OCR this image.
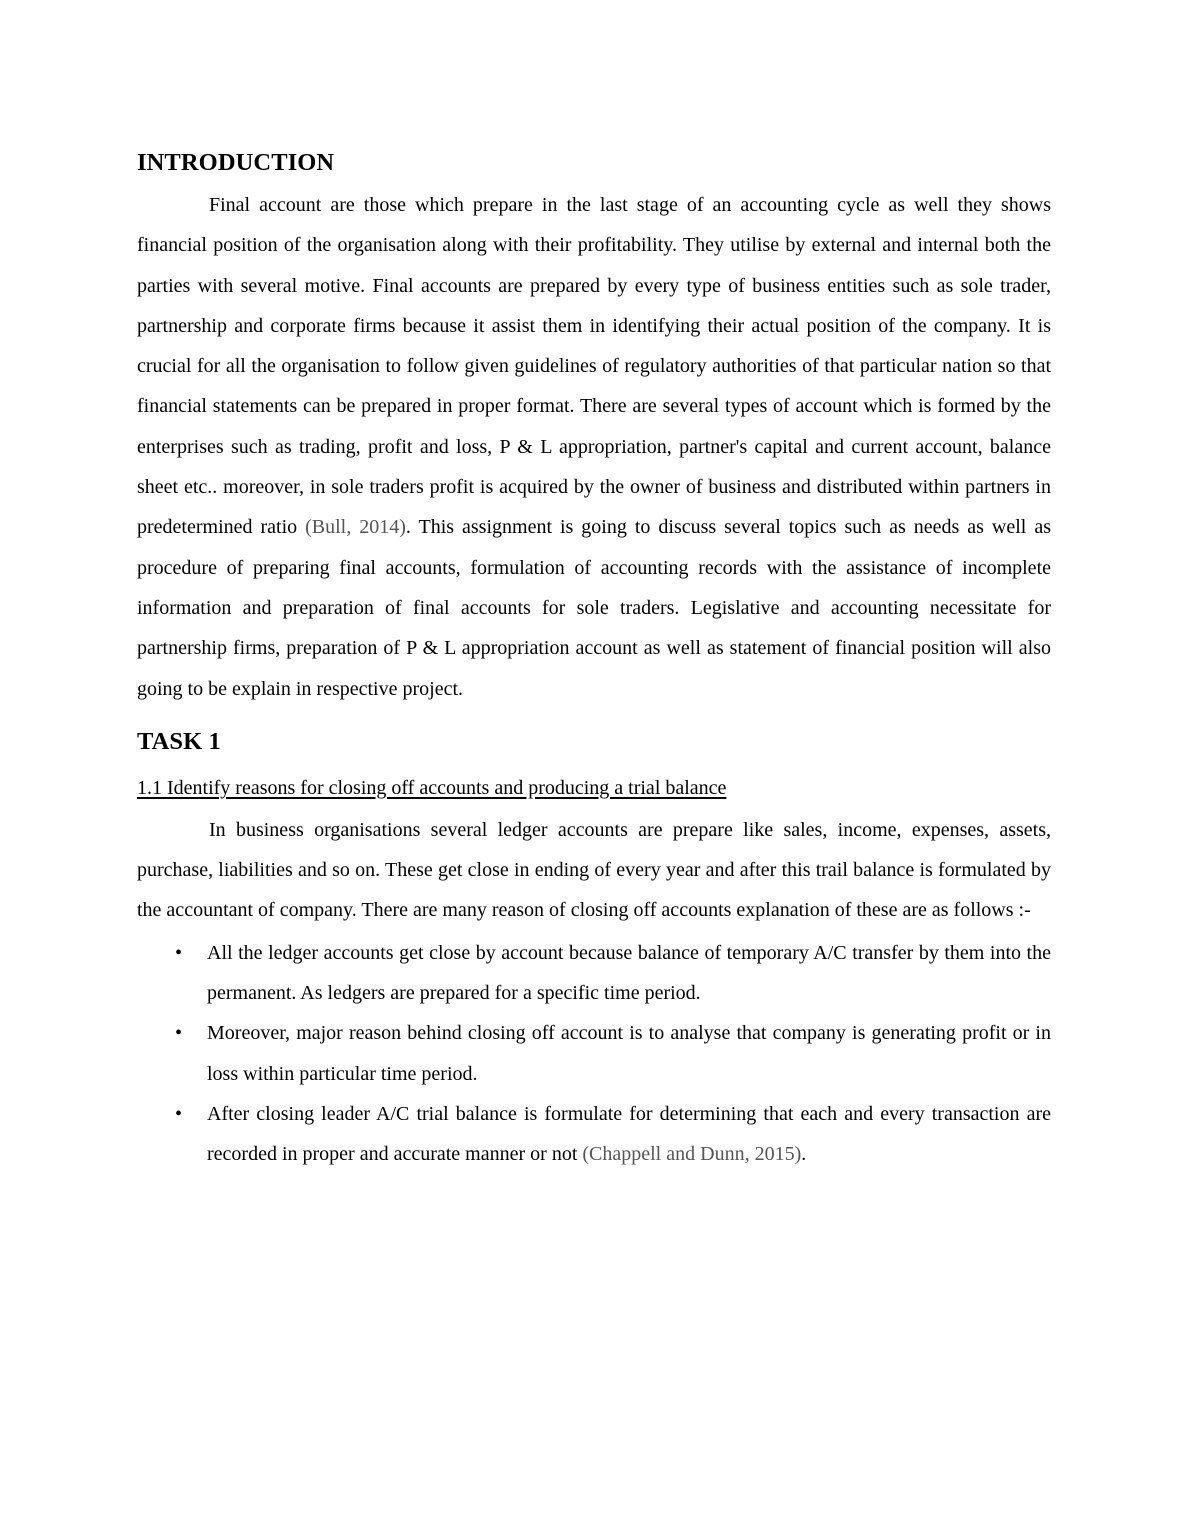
INTRODUCTION

Final account are those which prepare in the last stage of an accounting cycle as well they shows financial position of the organisation along with their profitability. They utilise by external and internal both the parties with several motive. Final accounts are prepared by every type of business entities such as sole trader, partnership and corporate firms because it assist them in identifying their actual position of the company. It is crucial for all the organisation to follow given guidelines of regulatory authorities of that particular nation so that financial statements can be prepared in proper format. There are several types of account which is formed by the enterprises such as trading, profit and loss, P & L appropriation, partner's capital and current account, balance sheet etc.. moreover, in sole traders profit is acquired by the owner of business and distributed within partners in predetermined ratio (Bull, 2014). This assignment is going to discuss several topics such as needs as well as procedure of preparing final accounts, formulation of accounting records with the assistance of incomplete information and preparation of final accounts for sole traders. Legislative and accounting necessitate for partnership firms, preparation of P & L appropriation account as well as statement of financial position will also going to be explain in respective project.

TASK 1
1.1 Identify reasons for closing off accounts and producing a trial balance

In business organisations several ledger accounts are prepare like sales, income, expenses, assets, purchase, liabilities and so on. These get close in ending of every year and after this trail balance is formulated by the accountant of company. There are many reason of closing off accounts explanation of these are as follows :-

• All the ledger accounts get close by account because balance of temporary A/C transfer by them into the permanent. As ledgers are prepared for a specific time period.
• Moreover, major reason behind closing off account is to analyse that company is generating profit or in loss within particular time period.
• After closing leader A/C trial balance is formulate for determining that each and every transaction are recorded in proper and accurate manner or not (Chappell and Dunn, 2015).
